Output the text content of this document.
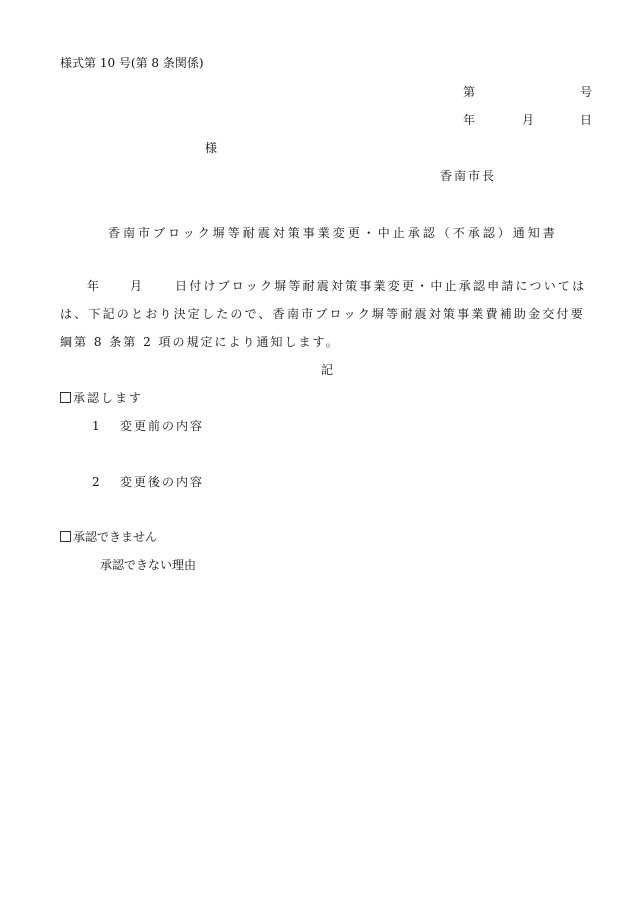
様式第 10 号(第 8 条関係)
第	号
年	月	日
様
香南市長
香南市ブロック塀等耐震対策事業変更・中止承認（不承認）通知書
年	月	日付けブロック塀等耐震対策事業変更・中止承認申請については
は、下記のとおり決定したので、香南市ブロック塀等耐震対策事業費補助金交付要
綱第 8 条第 2 項の規定により通知します。
記
承認します
1 変更前の内容
2 変更後の内容
承認できません
承認できない理由
